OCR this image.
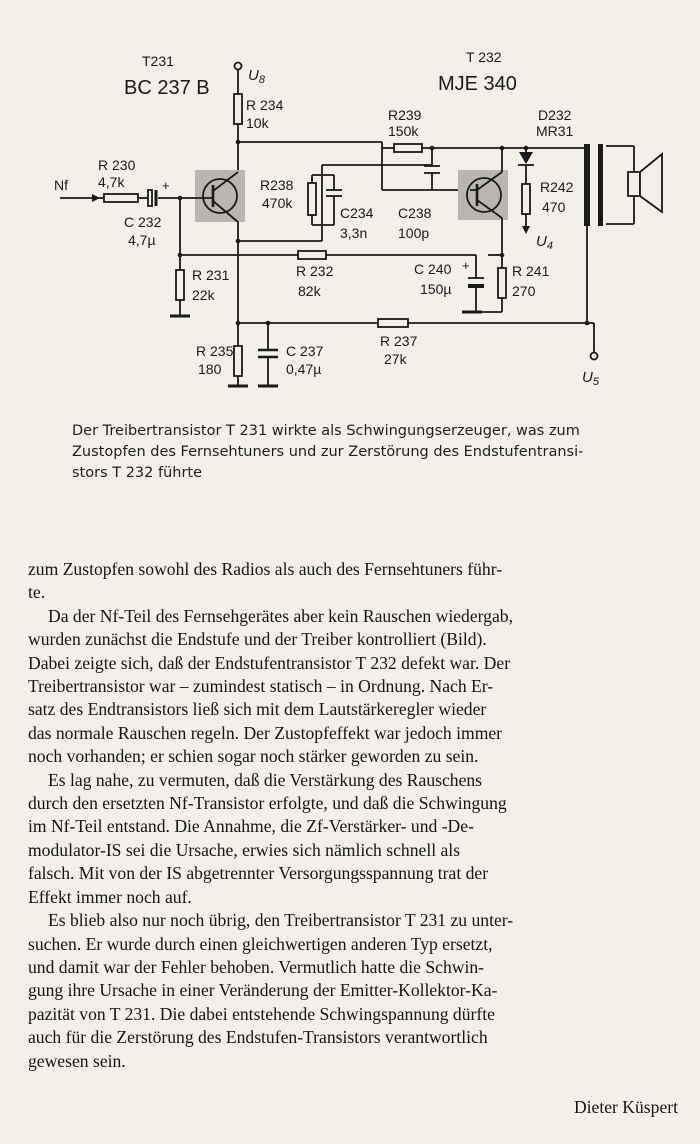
T231
BC 237 B
T 232
MJE 340
Nf
$U_8$
$U_4$
$U_5$
R 234
10k	R239
150k
D232
MR31
R 230
4,7k
C 232
4,7µ
+	R238
470k
C234
3,3n
C238
100p
R242
470
R 231
22k
R 232
82k
C 240
150µ
+	R 241
270
R 235
180
C 237
0,47µ
R 237
27k
Der Treibertransistor T 231 wirkte als Schwingungserzeuger, was zum
Zustopfen des Fernsehtuners und zur Zerstörung des Endstufentransi-
stors T 232 führte
zum Zustopfen sowohl des Radios als auch des Fernsehtuners führ-
te.
Da der Nf-Teil des Fernsehgerätes aber kein Rauschen wiedergab,
wurden zunächst die Endstufe und der Treiber kontrolliert (Bild).
Dabei zeigte sich, daß der Endstufentransistor T 232 defekt war. Der
Treibertransistor war – zumindest statisch – in Ordnung. Nach Er-
satz des Endtransistors ließ sich mit dem Lautstärkeregler wieder
das normale Rauschen regeln. Der Zustopfeffekt war jedoch immer
noch vorhanden; er schien sogar noch stärker geworden zu sein.
Es lag nahe, zu vermuten, daß die Verstärkung des Rauschens
durch den ersetzten Nf-Transistor erfolgte, und daß die Schwingung
im Nf-Teil entstand. Die Annahme, die Zf-Verstärker- und -De-
modulator-IS sei die Ursache, erwies sich nämlich schnell als
falsch. Mit von der IS abgetrennter Versorgungsspannung trat der
Effekt immer noch auf.
Es blieb also nur noch übrig, den Treibertransistor T 231 zu unter-
suchen. Er wurde durch einen gleichwertigen anderen Typ ersetzt,
und damit war der Fehler behoben. Vermutlich hatte die Schwin-
gung ihre Ursache in einer Veränderung der Emitter-Kollektor-Ka-
pazität von T 231. Die dabei entstehende Schwingspannung dürfte
auch für die Zerstörung des Endstufen-Transistors verantwortlich
gewesen sein.
Dieter Küspert
